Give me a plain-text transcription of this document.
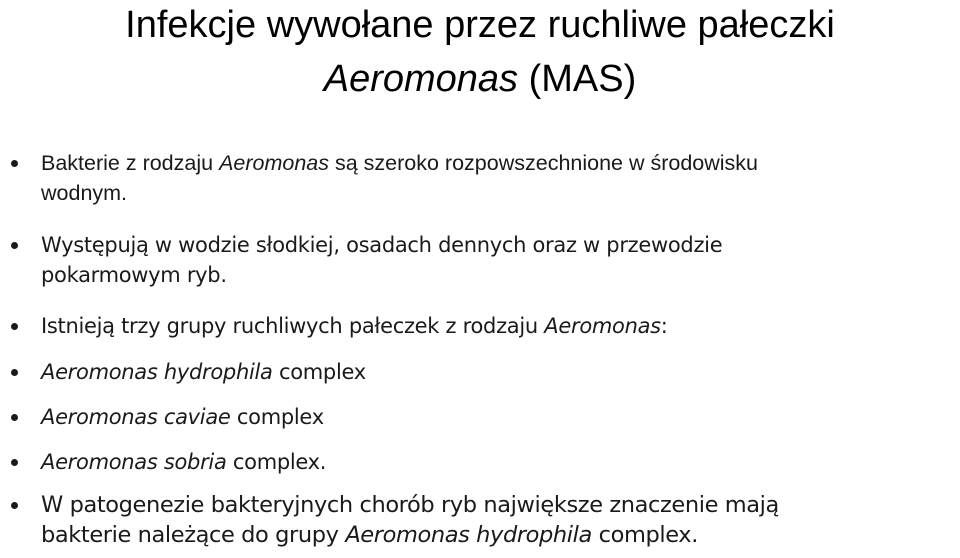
Infekcje wywołane przez ruchliwe pałeczki
Aeromonas (MAS)
Bakterie z rodzaju Aeromonas są szeroko rozpowszechnione w środowisku
wodnym.
Występują w wodzie słodkiej, osadach dennych oraz w przewodzie
pokarmowym ryb.
Istnieją trzy grupy ruchliwych pałeczek z rodzaju Aeromonas:
Aeromonas hydrophila complex
Aeromonas caviae complex
Aeromonas sobria complex.
W patogenezie bakteryjnych chorób ryb największe znaczenie mają
bakterie należące do grupy Aeromonas hydrophila complex.
